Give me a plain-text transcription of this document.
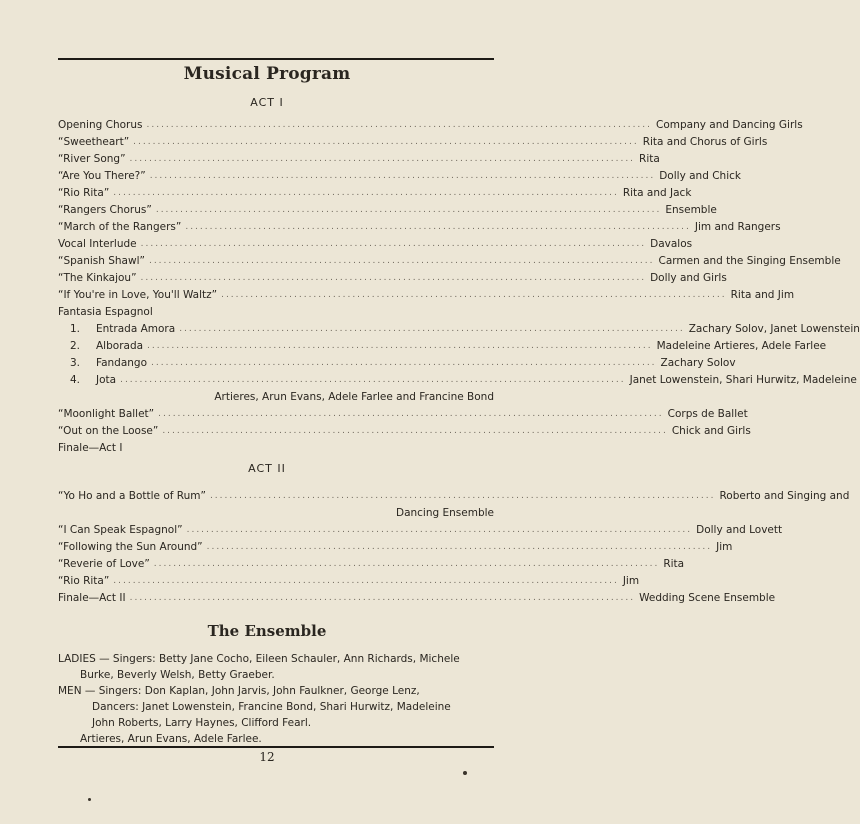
Musical Program
ACT I
Opening Chorus ........................................................................................................ Company and Dancing Girls
“Sweetheart” ........................................................................................................ Rita and Chorus of Girls
“River Song” ........................................................................................................ Rita
“Are You There?” ........................................................................................................ Dolly and Chick
“Rio Rita” ........................................................................................................ Rita and Jack
“Rangers Chorus” ........................................................................................................ Ensemble
“March of the Rangers” ........................................................................................................ Jim and Rangers
Vocal Interlude ........................................................................................................ Davalos
“Spanish Shawl” ........................................................................................................ Carmen and the Singing Ensemble
“The Kinkajou” ........................................................................................................ Dolly and Girls
“If You're in Love, You'll Waltz” ........................................................................................................ Rita and Jim
Fantasia Espagnol
1. Entrada Amora ........................................................................................................ Zachary Solov, Janet Lowenstein
2. Alborada ........................................................................................................ Madeleine Artieres, Adele Farlee
3. Fandango ........................................................................................................ Zachary Solov
4. Jota ........................................................................................................ Janet Lowenstein, Shari Hurwitz, Madeleine
Artieres, Arun Evans, Adele Farlee and Francine Bond
“Moonlight Ballet” ........................................................................................................ Corps de Ballet
“Out on the Loose” ........................................................................................................ Chick and Girls
Finale—Act I
ACT II
“Yo Ho and a Bottle of Rum” ........................................................................................................ Roberto and Singing and
Dancing Ensemble
“I Can Speak Espagnol” ........................................................................................................ Dolly and Lovett
“Following the Sun Around” ........................................................................................................ Jim
“Reverie of Love” ........................................................................................................ Rita
“Rio Rita” ........................................................................................................ Jim
Finale—Act II ........................................................................................................ Wedding Scene Ensemble
The Ensemble
LADIES — Singers: Betty Jane Cocho, Eileen Schauler, Ann Richards, Michele
Burke, Beverly Welsh, Betty Graeber.
MEN — Singers: Don Kaplan, John Jarvis, John Faulkner, George Lenz,
Dancers: Janet Lowenstein, Francine Bond, Shari Hurwitz, Madeleine
John Roberts, Larry Haynes, Clifford Fearl.
Artieres, Arun Evans, Adele Farlee.
12
